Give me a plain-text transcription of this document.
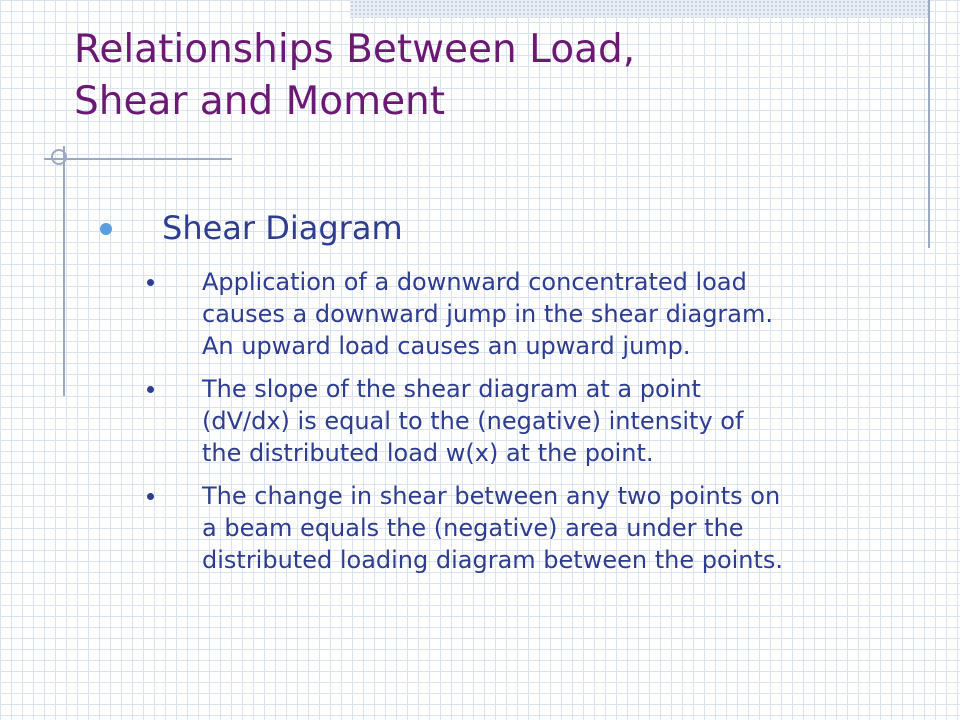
Relationships Between Load,
Shear and Moment
Shear Diagram
Application of a downward concentrated load
causes a downward jump in the shear diagram.
An upward load causes an upward jump.
The slope of the shear diagram at a point
(dV/dx) is equal to the (negative) intensity of
the distributed load w(x) at the point.
The change in shear between any two points on
a beam equals the (negative) area under the
distributed loading diagram between the points.
